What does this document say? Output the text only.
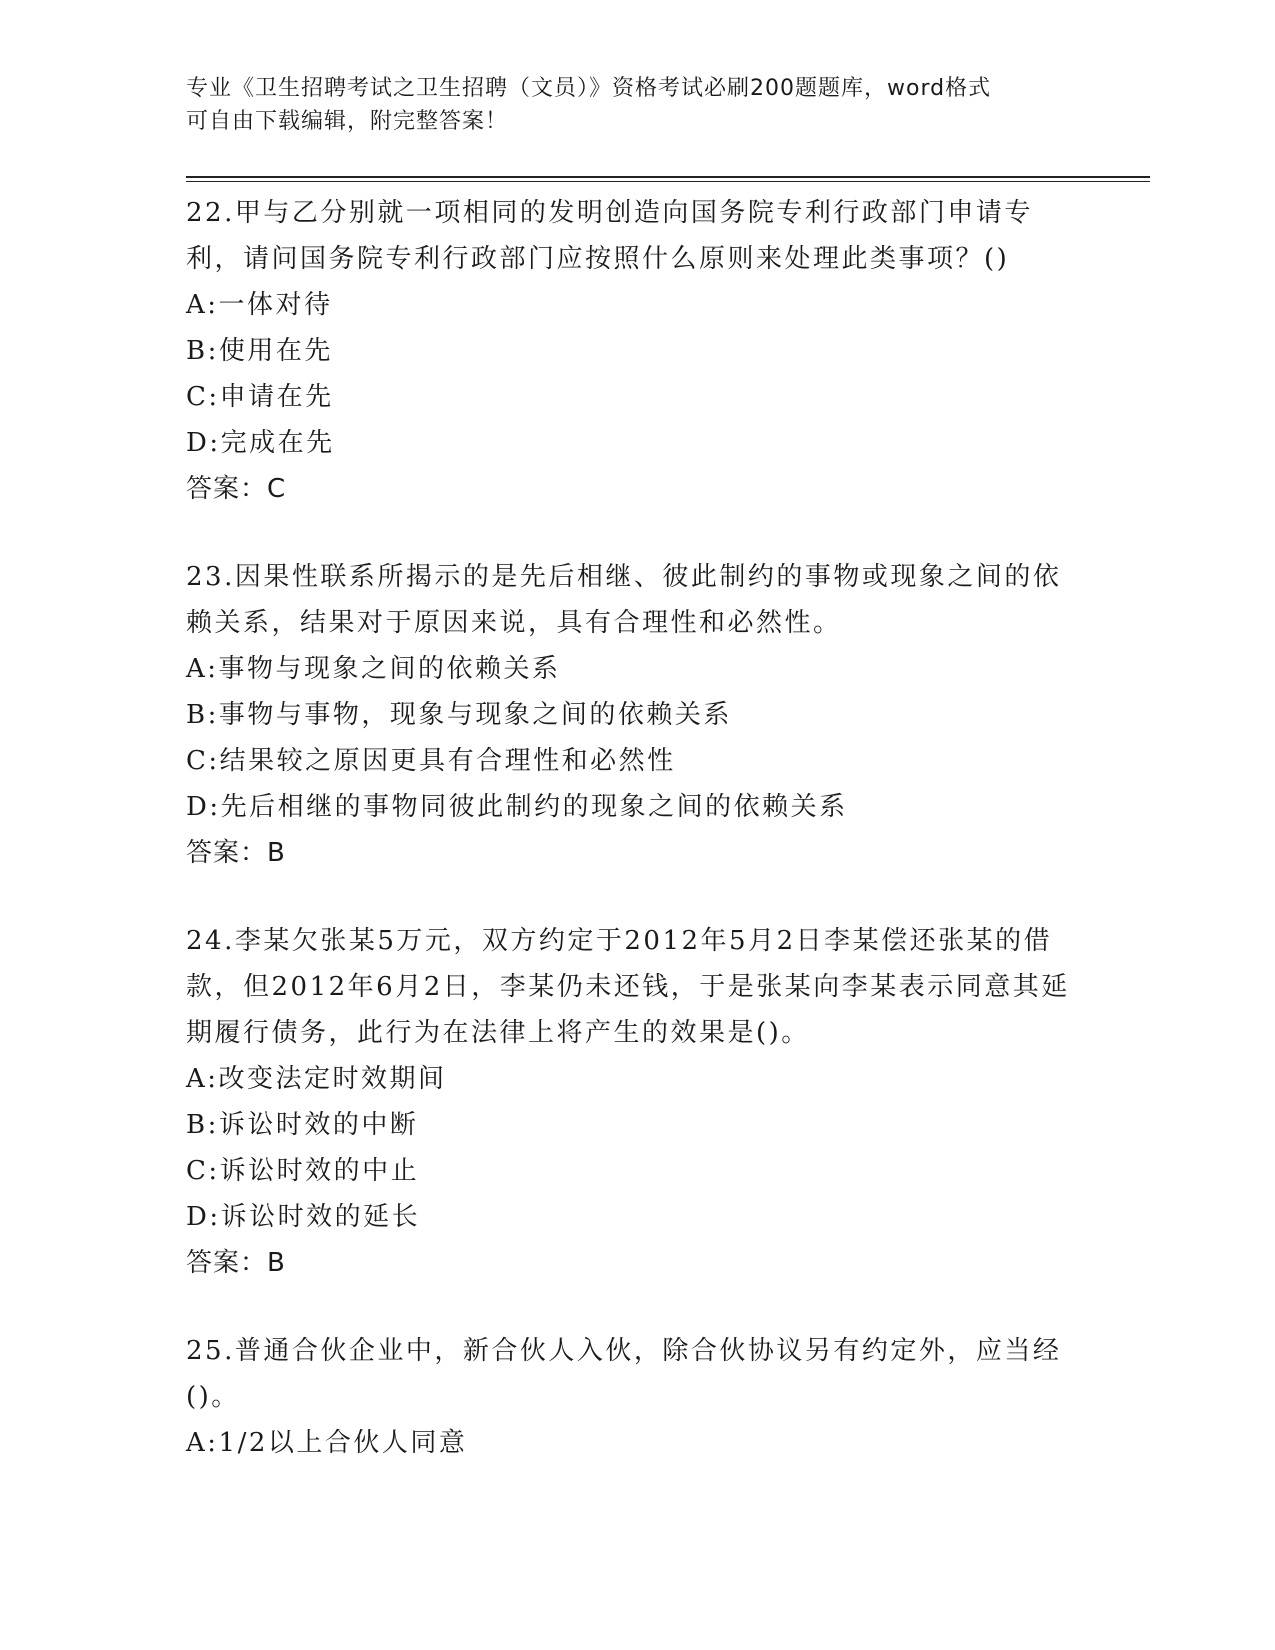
专业《卫生招聘考试之卫生招聘（文员）》资格考试必刷200题题库，word格式
可自由下载编辑，附完整答案！
22.甲与乙分别就一项相同的发明创造向国务院专利行政部门申请专利，请问国务院专利行政部门应按照什么原则来处理此类事项？()
A:一体对待
B:使用在先
C:申请在先
D:完成在先
答案：C
23.因果性联系所揭示的是先后相继、彼此制约的事物或现象之间的依赖关系，结果对于原因来说，具有合理性和必然性。
A:事物与现象之间的依赖关系
B:事物与事物，现象与现象之间的依赖关系
C:结果较之原因更具有合理性和必然性
D:先后相继的事物同彼此制约的现象之间的依赖关系
答案：B
24.李某欠张某5万元，双方约定于2012年5月2日李某偿还张某的借款，但2012年6月2日，李某仍未还钱，于是张某向李某表示同意其延期履行债务，此行为在法律上将产生的效果是()。
A:改变法定时效期间
B:诉讼时效的中断
C:诉讼时效的中止
D:诉讼时效的延长
答案：B
25.普通合伙企业中，新合伙人入伙，除合伙协议另有约定外，应当经()。
A:1/2以上合伙人同意
